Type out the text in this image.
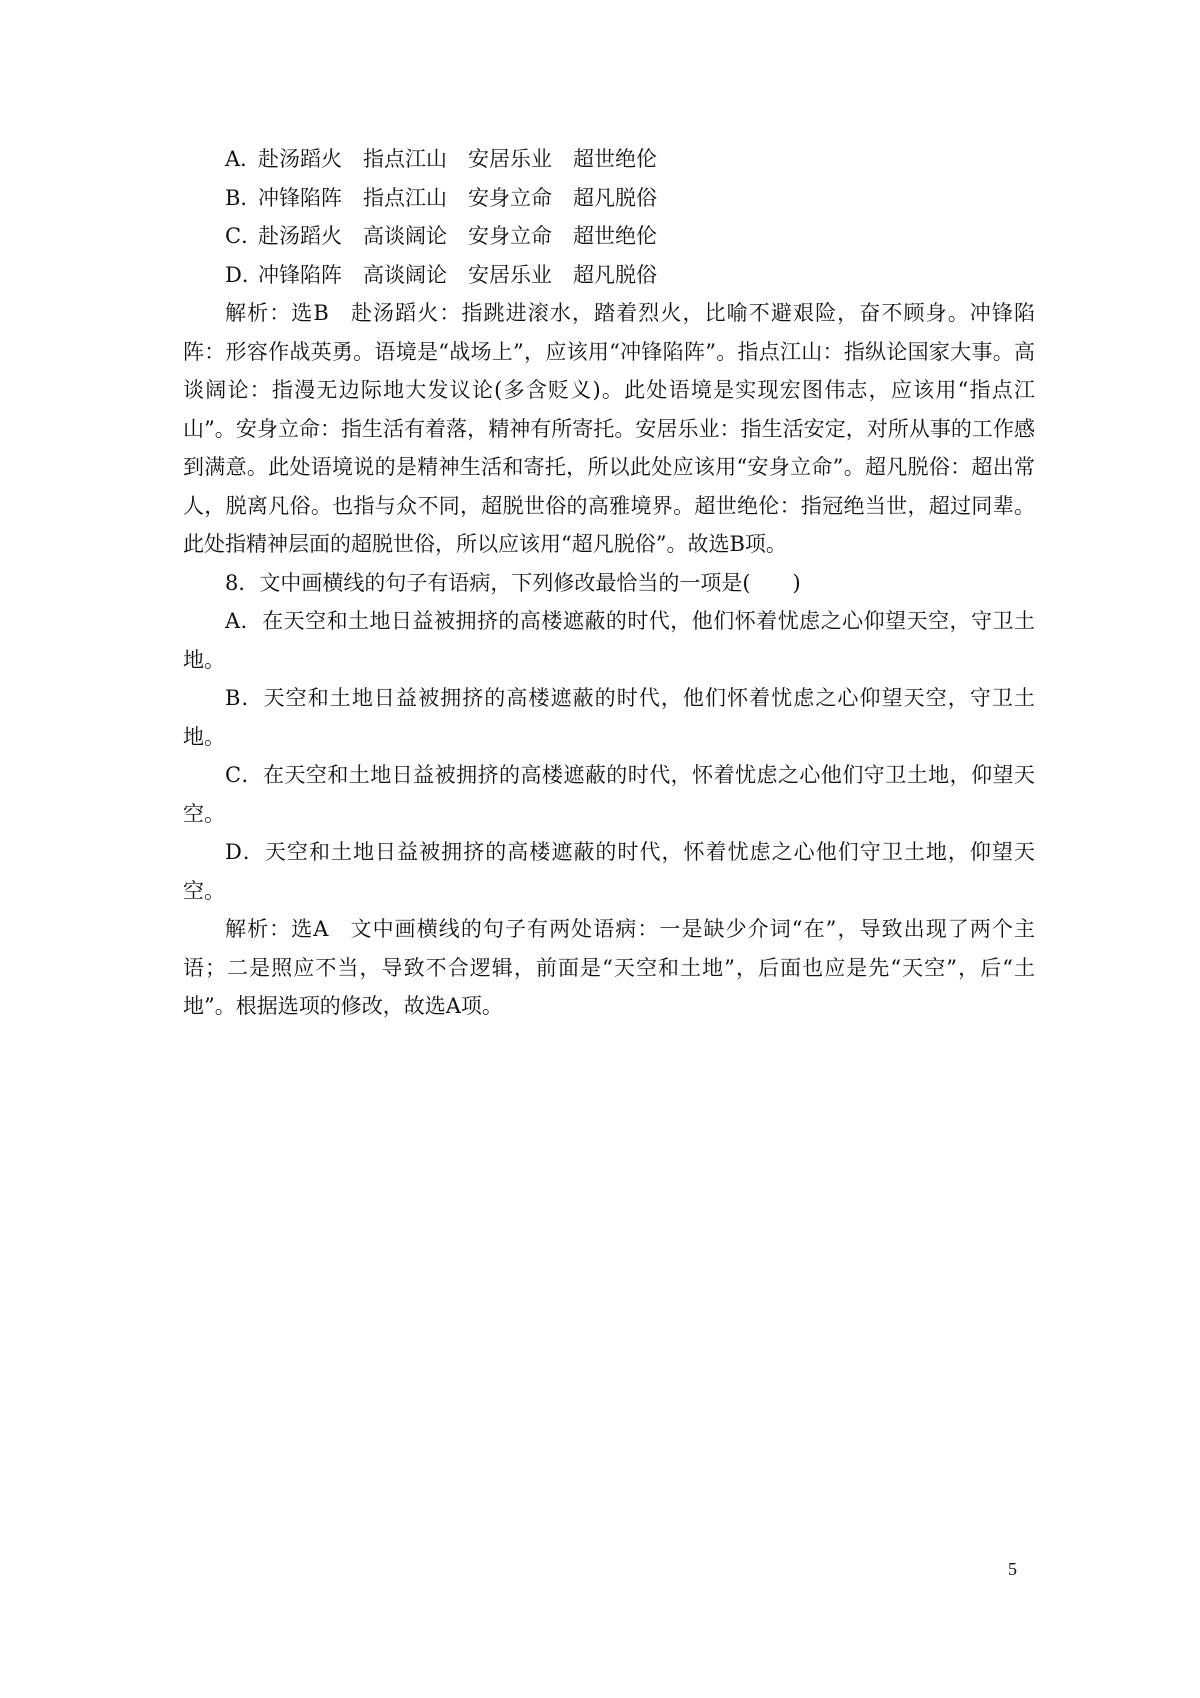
A．赴汤蹈火 指点江山 安居乐业 超世绝伦
B．冲锋陷阵 指点江山 安身立命 超凡脱俗
C．赴汤蹈火 高谈阔论 安身立命 超世绝伦
D．冲锋陷阵 高谈阔论 安居乐业 超凡脱俗

解析：选B 赴汤蹈火：指跳进滚水，踏着烈火，比喻不避艰险，奋不顾身。冲锋陷阵：形容作战英勇。语境是“战场上”，应该用“冲锋陷阵”。指点江山：指纵论国家大事。高谈阔论：指漫无边际地大发议论(多含贬义)。此处语境是实现宏图伟志，应该用“指点江山”。安身立命：指生活有着落，精神有所寄托。安居乐业：指生活安定，对所从事的工作感到满意。此处语境说的是精神生活和寄托，所以此处应该用“安身立命”。超凡脱俗：超出常人，脱离凡俗。也指与众不同，超脱世俗的高雅境界。超世绝伦：指冠绝当世，超过同辈。此处指精神层面的超脱世俗，所以应该用“超凡脱俗”。故选B项。

8．文中画横线的句子有语病，下列修改最恰当的一项是(　　)

A．在天空和土地日益被拥挤的高楼遮蔽的时代，他们怀着忧虑之心仰望天空，守卫土地。

B．天空和土地日益被拥挤的高楼遮蔽的时代，他们怀着忧虑之心仰望天空，守卫土地。

C．在天空和土地日益被拥挤的高楼遮蔽的时代，怀着忧虑之心他们守卫土地，仰望天空。

D．天空和土地日益被拥挤的高楼遮蔽的时代，怀着忧虑之心他们守卫土地，仰望天空。

解析：选A 文中画横线的句子有两处语病：一是缺少介词“在”，导致出现了两个主语；二是照应不当，导致不合逻辑，前面是“天空和土地”，后面也应是先“天空”，后“土地”。根据选项的修改，故选A项。

5
